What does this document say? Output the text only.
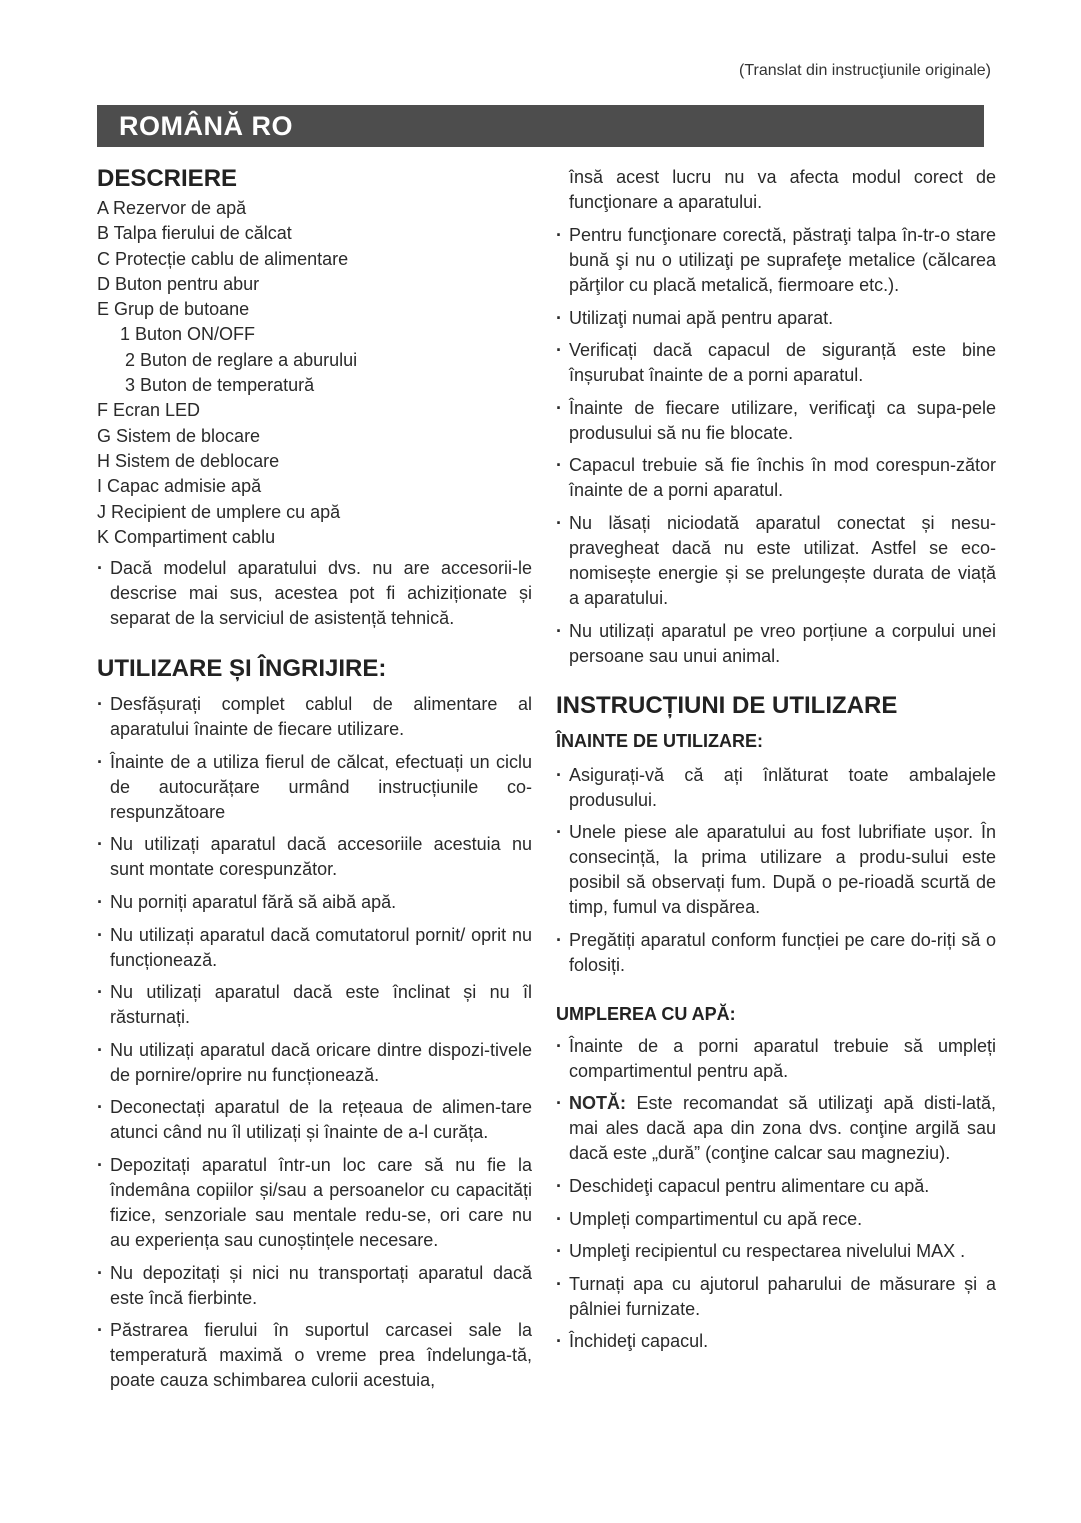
(Translat din instrucţiunile originale)
ROMÂNĂ RO
DESCRIERE
A Rezervor de apă
B Talpa fierului de călcat
C Protecție cablu de alimentare
D Buton pentru abur
E Grup de butoane
1 Buton ON/OFF
2 Buton de reglare a aburului
3 Buton de temperatură
F Ecran LED
G Sistem de blocare
H Sistem de deblocare
I Capac admisie apă
J Recipient de umplere cu apă
K Compartiment cablu
· Dacă modelul aparatului dvs. nu are accesorii-le descrise mai sus, acestea pot fi achiziționate și separat de la serviciul de asistență tehnică.
UTILIZARE ȘI ÎNGRIJIRE:
· Desfășurați complet cablul de alimentare al aparatului înainte de fiecare utilizare.
· Înainte de a utiliza fierul de călcat, efectuați un ciclu de autocurățare urmând instrucțiunile co-respunzătoare
· Nu utilizați aparatul dacă accesoriile acestuia nu sunt montate corespunzător.
· Nu porniți aparatul fără să aibă apă.
· Nu utilizați aparatul dacă comutatorul pornit/ oprit nu funcționează.
· Nu utilizați aparatul dacă este înclinat și nu îl răsturnați.
· Nu utilizați aparatul dacă oricare dintre dispozi-tivele de pornire/oprire nu funcționează.
· Deconectați aparatul de la rețeaua de alimen-tare atunci când nu îl utilizați și înainte de a-l curăța.
· Depozitați aparatul într-un loc care să nu fie la îndemâna copiilor și/sau a persoanelor cu capacități fizice, senzoriale sau mentale redu-se, ori care nu au experiența sau cunoștințele necesare.
· Nu depozitați și nici nu transportați aparatul dacă este încă fierbinte.
· Păstrarea fierului în suportul carcasei sale la temperatură maximă o vreme prea îndelunga-tă, poate cauza schimbarea culorii acestuia,
însă acest lucru nu va afecta modul corect de funcţionare a aparatului.
· Pentru funcţionare corectă, păstraţi talpa în-tr-o stare bună şi nu o utilizaţi pe suprafeţe metalice (călcarea părţilor cu placă metalică, fiermoare etc.).
· Utilizaţi numai apă pentru aparat.
· Verificați dacă capacul de siguranță este bine înșurubat înainte de a porni aparatul.
· Înainte de fiecare utilizare, verificaţi ca supa-pele produsului să nu fie blocate.
· Capacul trebuie să fie închis în mod corespun-zător înainte de a porni aparatul.
· Nu lăsați niciodată aparatul conectat și nesu-pravegheat dacă nu este utilizat. Astfel se eco-nomisește energie și se prelungește durata de viață a aparatului.
· Nu utilizați aparatul pe vreo porțiune a corpului unei persoane sau unui animal.
INSTRUCȚIUNI DE UTILIZARE
ÎNAINTE DE UTILIZARE:
· Asigurați-vă că ați înlăturat toate ambalajele produsului.
· Unele piese ale aparatului au fost lubrifiate ușor. În consecință, la prima utilizare a produ-sului este posibil să observați fum. După o pe-rioadă scurtă de timp, fumul va dispărea.
· Pregătiți aparatul conform funcției pe care do-riți să o folosiți.
UMPLEREA CU APĂ:
· Înainte de a porni aparatul trebuie să umpleți compartimentul pentru apă.
· NOTĂ: Este recomandat să utilizaţi apă disti-lată, mai ales dacă apa din zona dvs. conţine argilă sau dacă este „dură” (conţine calcar sau magneziu).
· Deschideţi capacul pentru alimentare cu apă.
· Umpleți compartimentul cu apă rece.
· Umpleţi recipientul cu respectarea nivelului MAX .
· Turnați apa cu ajutorul paharului de măsurare și a pâlniei furnizate.
· Închideţi capacul.
